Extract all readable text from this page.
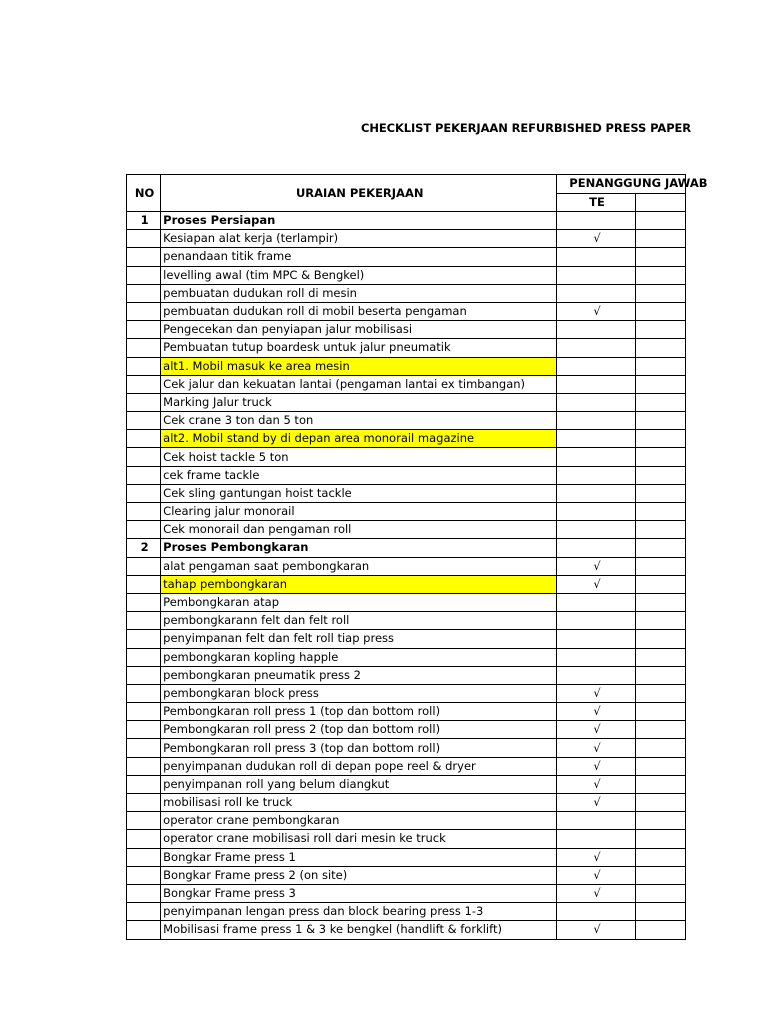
CHECKLIST PEKERJAAN REFURBISHED PRESS PAPER
NO	URAIAN PEKERJAAN	PENANGGUNG JAWAB	
		TE	
1	Proses Persiapan		
	Kesiapan alat kerja (terlampir)	√	
	penandaan titik frame		
	levelling awal (tim MPC & Bengkel)		
	pembuatan dudukan roll di mesin		
	pembuatan dudukan roll di mobil beserta pengaman	√	
	Pengecekan dan penyiapan jalur mobilisasi		
	Pembuatan tutup boardesk untuk jalur pneumatik		
	alt1. Mobil masuk ke area mesin		
	Cek jalur dan kekuatan lantai (pengaman lantai ex timbangan)		
	Marking Jalur truck		
	Cek crane 3 ton dan 5 ton		
	alt2. Mobil stand by di depan area monorail magazine		
	Cek hoist tackle 5 ton		
	cek frame tackle		
	Cek sling gantungan hoist tackle		
	Clearing jalur monorail		
	Cek monorail dan pengaman roll		
2	Proses Pembongkaran		
	alat pengaman saat pembongkaran	√	
	tahap pembongkaran	√	
	Pembongkaran atap		
	pembongkarann felt dan felt roll		
	penyimpanan felt dan felt roll tiap press		
	pembongkaran kopling happle		
	pembongkaran pneumatik press 2		
	pembongkaran block press	√	
	Pembongkaran roll press 1 (top dan bottom roll)	√	
	Pembongkaran roll press 2 (top dan bottom roll)	√	
	Pembongkaran roll press 3 (top dan bottom roll)	√	
	penyimpanan dudukan roll di depan pope reel & dryer	√	
	penyimpanan roll yang belum diangkut	√	
	mobilisasi roll ke truck	√	
	operator crane pembongkaran		
	operator crane mobilisasi roll dari mesin ke truck		
	Bongkar Frame press 1	√	
	Bongkar Frame press 2 (on site)	√	
	Bongkar Frame press 3	√	
	penyimpanan lengan press dan block bearing press 1-3		
	Mobilisasi frame press 1 & 3 ke bengkel (handlift & forklift)	√	
